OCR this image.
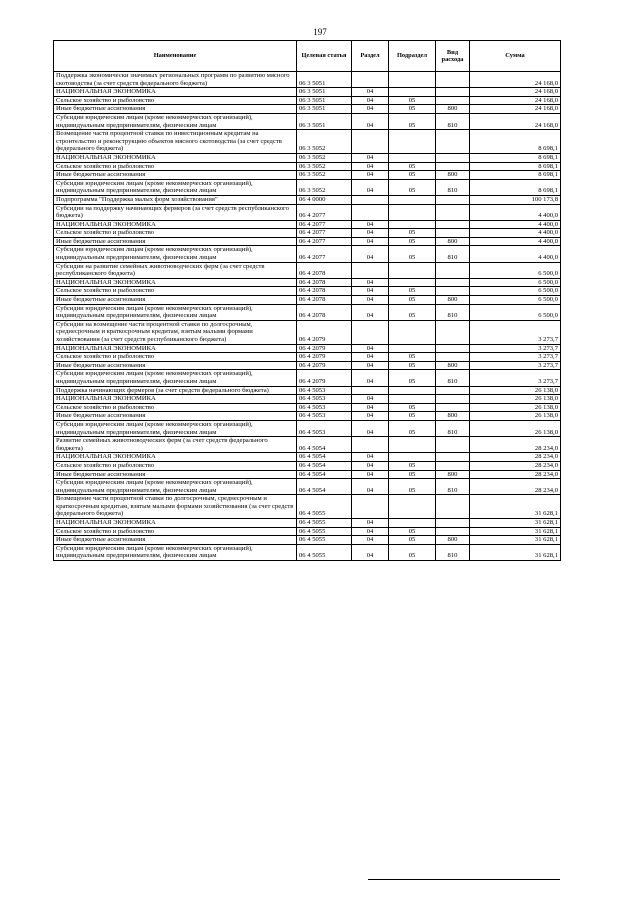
197
Наименование	Целевая статья	Раздел	Подраздел	Вид расхода	Сумма
Поддержка экономически значимых региональных программ по развитию мясного скотоводства (за счет средств федерального бюджета)	06 3 5051				24 168,0
НАЦИОНАЛЬНАЯ ЭКОНОМИКА	06 3 5051	04			24 168,0
Сельское хозяйство и рыболовство	06 3 5051	04	05		24 168,0
Иные бюджетные ассигнования	06 3 5051	04	05	800	24 168,0
Субсидии юридическим лицам (кроме некоммерческих организаций), индивидуальным предпринимателям, физическим лицам	06 3 5051	04	05	810	24 168,0
Возмещение части процентной ставки по инвестиционным кредитам на строительство и реконструкцию объектов мясного скотоводства (за счет средств федерального бюджета)	06 3 5052				8 698,1
НАЦИОНАЛЬНАЯ ЭКОНОМИКА	06 3 5052	04			8 698,1
Сельское хозяйство и рыболовство	06 3 5052	04	05		8 698,1
Иные бюджетные ассигнования	06 3 5052	04	05	800	8 698,1
Субсидии юридическим лицам (кроме некоммерческих организаций), индивидуальным предпринимателям, физическим лицам	06 3 5052	04	05	810	8 698,1
Подпрограмма "Поддержка малых форм хозяйствования"	06 4 0000				100 173,8
Субсидии на поддержку начинающих фермеров (за счет средств республиканского бюджета)	06 4 2077				4 400,0
НАЦИОНАЛЬНАЯ ЭКОНОМИКА	06 4 2077	04			4 400,0
Сельское хозяйство и рыболовство	06 4 2077	04	05		4 400,0
Иные бюджетные ассигнования	06 4 2077	04	05	800	4 400,0
Субсидии юридическим лицам (кроме некоммерческих организаций), индивидуальным предпринимателям, физическим лицам	06 4 2077	04	05	810	4 400,0
Субсидии на развитие семейных животноводческих ферм (за счет средств республиканского бюджета)	06 4 2078				6 500,0
НАЦИОНАЛЬНАЯ ЭКОНОМИКА	06 4 2078	04			6 500,0
Сельское хозяйство и рыболовство	06 4 2078	04	05		6 500,0
Иные бюджетные ассигнования	06 4 2078	04	05	800	6 500,0
Субсидии юридическим лицам (кроме некоммерческих организаций), индивидуальным предпринимателям, физическим лицам	06 4 2078	04	05	810	6 500,0
Субсидии на возмещение части процентной ставки по долгосрочным, среднесрочным и краткосрочным кредитам, взятым малыми формами хозяйствования (за счет средств республиканского бюджета)	06 4 2079				3 273,7
НАЦИОНАЛЬНАЯ ЭКОНОМИКА	06 4 2079	04			3 273,7
Сельское хозяйство и рыболовство	06 4 2079	04	05		3 273,7
Иные бюджетные ассигнования	06 4 2079	04	05	800	3 273,7
Субсидии юридическим лицам (кроме некоммерческих организаций), индивидуальным предпринимателям, физическим лицам	06 4 2079	04	05	810	3 273,7
Поддержка начинающих фермеров (за счет средств федерального бюджета)	06 4 5053				26 138,0
НАЦИОНАЛЬНАЯ ЭКОНОМИКА	06 4 5053	04			26 138,0
Сельское хозяйство и рыболовство	06 4 5053	04	05		26 138,0
Иные бюджетные ассигнования	06 4 5053	04	05	800	26 138,0
Субсидии юридическим лицам (кроме некоммерческих организаций), индивидуальным предпринимателям, физическим лицам	06 4 5053	04	05	810	26 138,0
Развитие семейных животноводческих ферм (за счет средств федерального бюджета)	06 4 5054				28 234,0
НАЦИОНАЛЬНАЯ ЭКОНОМИКА	06 4 5054	04			28 234,0
Сельское хозяйство и рыболовство	06 4 5054	04	05		28 234,0
Иные бюджетные ассигнования	06 4 5054	04	05	800	28 234,0
Субсидии юридическим лицам (кроме некоммерческих организаций), индивидуальным предпринимателям, физическим лицам	06 4 5054	04	05	810	28 234,0
Возмещение части процентной ставки по долгосрочным, среднесрочным и краткосрочным кредитам, взятым малыми формами хозяйствования (за счет средств федерального бюджета)	06 4 5055				31 628,1
НАЦИОНАЛЬНАЯ ЭКОНОМИКА	06 4 5055	04			31 628,1
Сельское хозяйство и рыболовство	06 4 5055	04	05		31 628,1
Иные бюджетные ассигнования	06 4 5055	04	05	800	31 628,1
Субсидии юридическим лицам (кроме некоммерческих организаций), индивидуальным предпринимателям, физическим лицам	06 4 5055	04	05	810	31 628,1
